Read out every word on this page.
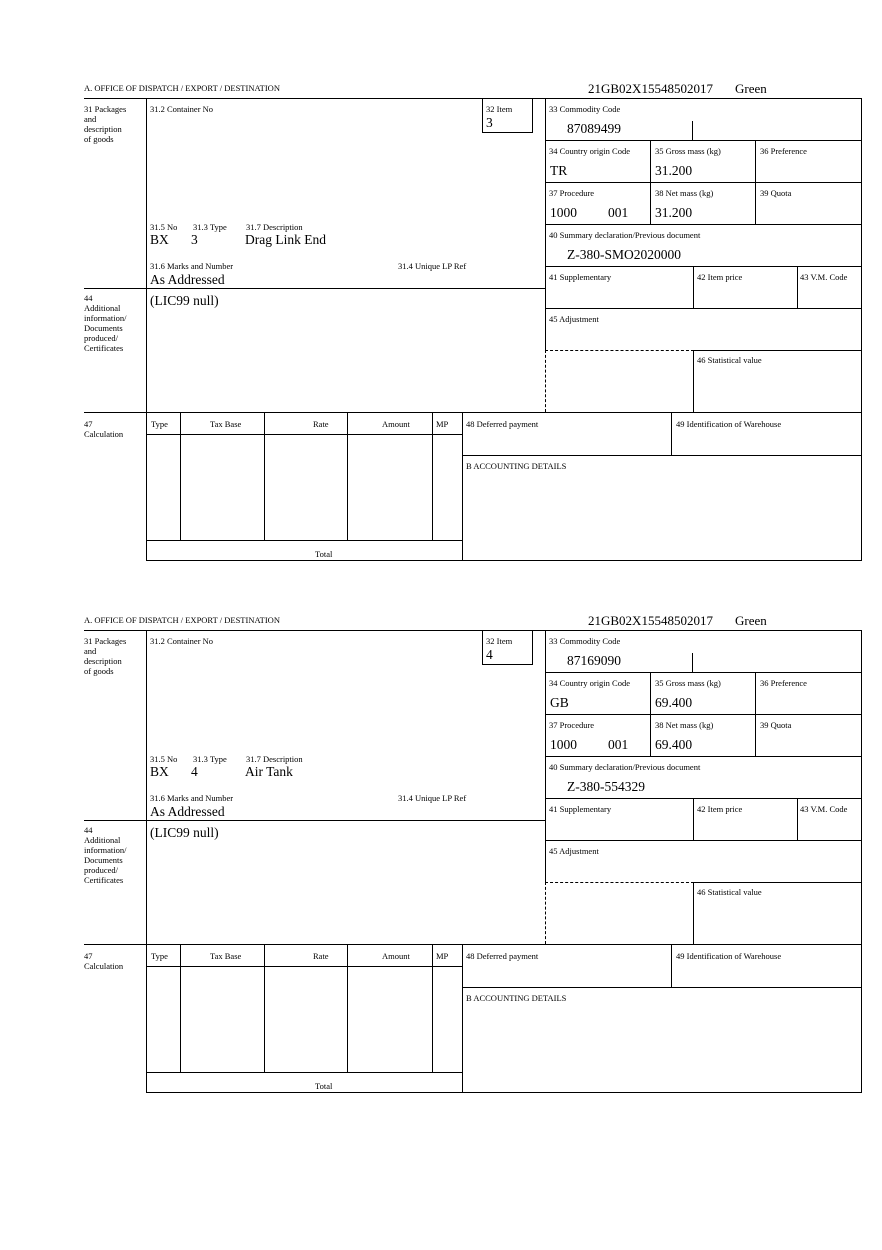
A. OFFICE OF DISPATCH / EXPORT / DESTINATION	21GB02X15548502017 Green
32 Item
3
31 Packages
and
description
of goods
31.2 Container No	33 Commodity Code
87089499
34 Country origin Code
TR
35 Gross mass (kg)
31.200
36 Preference
37 Procedure
1000 001
38 Net mass (kg)
31.200
39 Quota
31.5 No 31.3 Type 31.7 Description
BX 3	Drag Link End	40 Summary declaration/Previous document
Z-380-SMO2020000
31.6 Marks and Number	31.4 Unique LP Ref
As Addressed	41 Supplementary	42 Item price	43 V.M. Code
44
Additional
information/
Documents
produced/
Certificates
(LIC99 null)
45 Adjustment
46 Statistical value
47
Calculation
Type	Tax Base	Rate	Amount	MP
Total
48 Deferred payment	49 Identification of Warehouse
B ACCOUNTING DETAILS
A. OFFICE OF DISPATCH / EXPORT / DESTINATION	21GB02X15548502017 Green
32 Item
4
31 Packages
and
description
of goods
31.2 Container No	33 Commodity Code
87169090
34 Country origin Code
GB
35 Gross mass (kg)
69.400
36 Preference
37 Procedure
1000 001
38 Net mass (kg)
69.400
39 Quota
31.5 No 31.3 Type 31.7 Description
BX 4	Air Tank	40 Summary declaration/Previous document
Z-380-554329
31.6 Marks and Number	31.4 Unique LP Ref
As Addressed	41 Supplementary	42 Item price	43 V.M. Code
44
Additional
information/
Documents
produced/
Certificates
(LIC99 null)
45 Adjustment
46 Statistical value
47
Calculation
Type	Tax Base	Rate	Amount	MP
Total
48 Deferred payment	49 Identification of Warehouse
B ACCOUNTING DETAILS
